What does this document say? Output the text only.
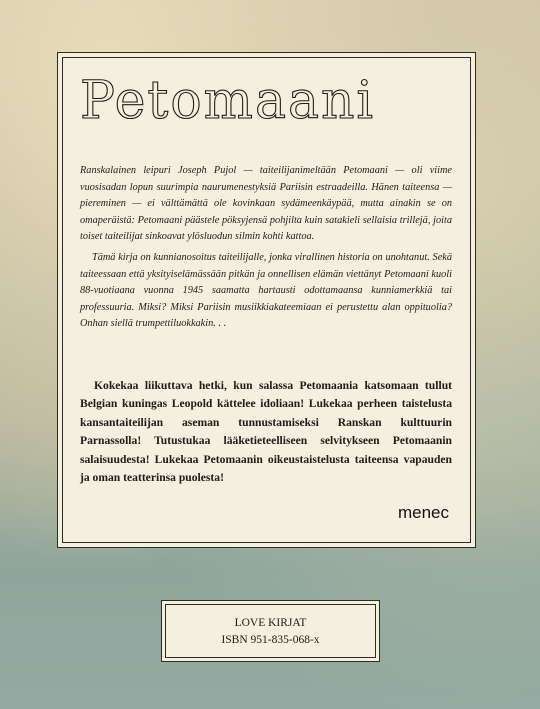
Petomaani

Ranskalainen leipuri Joseph Pujol — taiteilijanimeltään Petomaani — oli viime vuosisadan lopun suurimpia naurumenestyksiä Pariisin estraadeilla. Hänen taiteensa — piereminen — ei välttämättä ole kovinkaan sydämeenkäypää, mutta ainakin se on omaperäistä: Petomaani päästele pöksyjensä pohjilta kuin satakieli sellaisia trillejä, joita toiset taiteilijat sinkoavat ylösluodun silmin kohti kattoa.

Tämä kirja on kunnianosoitus taiteilijalle, jonka virallinen historia on unohtanut. Sekä taiteessaan että yksityiselämässään pitkän ja onnellisen elämän viettänyt Petomaani kuoli 88-vuotiaana vuonna 1945 saamatta hartausti odottamaansa kunniamerkkiä tai professuuria. Miksi? Miksi Pariisin musiikkiakateemiaan ei perustettu alan oppituolia? Onhan siellä trumpettiluokkakin. . .

Kokekaa liikuttava hetki, kun salassa Petomaania katsomaan tullut Belgian kuningas Leopold kättelee idoliaan! Lukekaa perheen taistelusta kansantaiteilijan aseman tunnustamiseksi Ranskan kulttuurin Parnassolla! Tutustukaa lääketieteelliseen selvitykseen Petomaanin salaisuudesta! Lukekaa Petomaanin oikeustaistelusta taiteensa vapauden ja oman teatterinsa puolesta!

menec
LOVE KIRJAT
ISBN 951-835-068-x
